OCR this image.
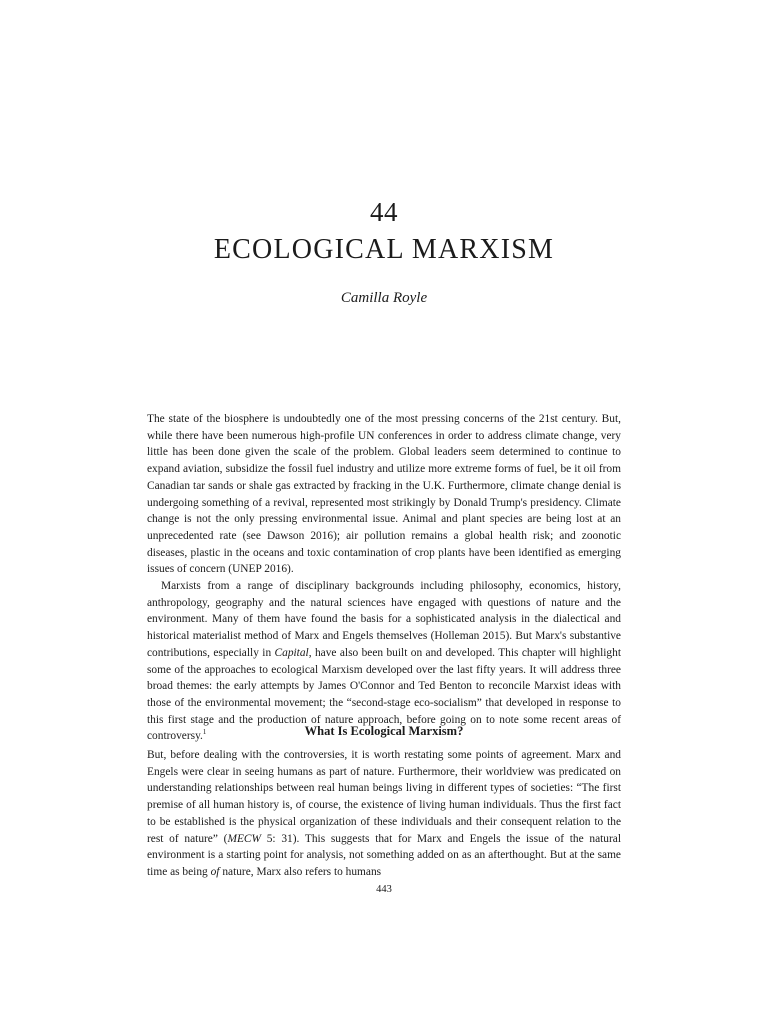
44
ECOLOGICAL MARXISM
Camilla Royle

The state of the biosphere is undoubtedly one of the most pressing concerns of the 21st century. But, while there have been numerous high-profile UN conferences in order to address climate change, very little has been done given the scale of the problem. Global leaders seem determined to continue to expand aviation, subsidize the fossil fuel industry and utilize more extreme forms of fuel, be it oil from Canadian tar sands or shale gas extracted by fracking in the U.K. Furthermore, climate change denial is undergoing something of a revival, represented most strikingly by Donald Trump's presidency. Climate change is not the only pressing environmental issue. Animal and plant species are being lost at an unprecedented rate (see Dawson 2016); air pollution remains a global health risk; and zoonotic diseases, plastic in the oceans and toxic contamination of crop plants have been identified as emerging issues of concern (UNEP 2016).

Marxists from a range of disciplinary backgrounds including philosophy, economics, history, anthropology, geography and the natural sciences have engaged with questions of nature and the environment. Many of them have found the basis for a sophisticated analysis in the dialectical and historical materialist method of Marx and Engels themselves (Holleman 2015). But Marx's substantive contributions, especially in Capital, have also been built on and developed. This chapter will highlight some of the approaches to ecological Marxism developed over the last fifty years. It will address three broad themes: the early attempts by James O'Connor and Ted Benton to reconcile Marxist ideas with those of the environmental movement; the “second-stage eco-socialism” that developed in response to this first stage and the production of nature approach, before going on to note some recent areas of controversy.$^1$	What Is Ecological Marxism?

But, before dealing with the controversies, it is worth restating some points of agreement. Marx and Engels were clear in seeing humans as part of nature. Furthermore, their worldview was predicated on understanding relationships between real human beings living in different types of societies: “The first premise of all human history is, of course, the existence of living human individuals. Thus the first fact to be established is the physical organization of these individuals and their consequent relation to the rest of nature” (MECW 5: 31). This suggests that for Marx and Engels the issue of the natural environment is a starting point for analysis, not something added on as an afterthought. But at the same time as being of nature, Marx also refers to humans

443
